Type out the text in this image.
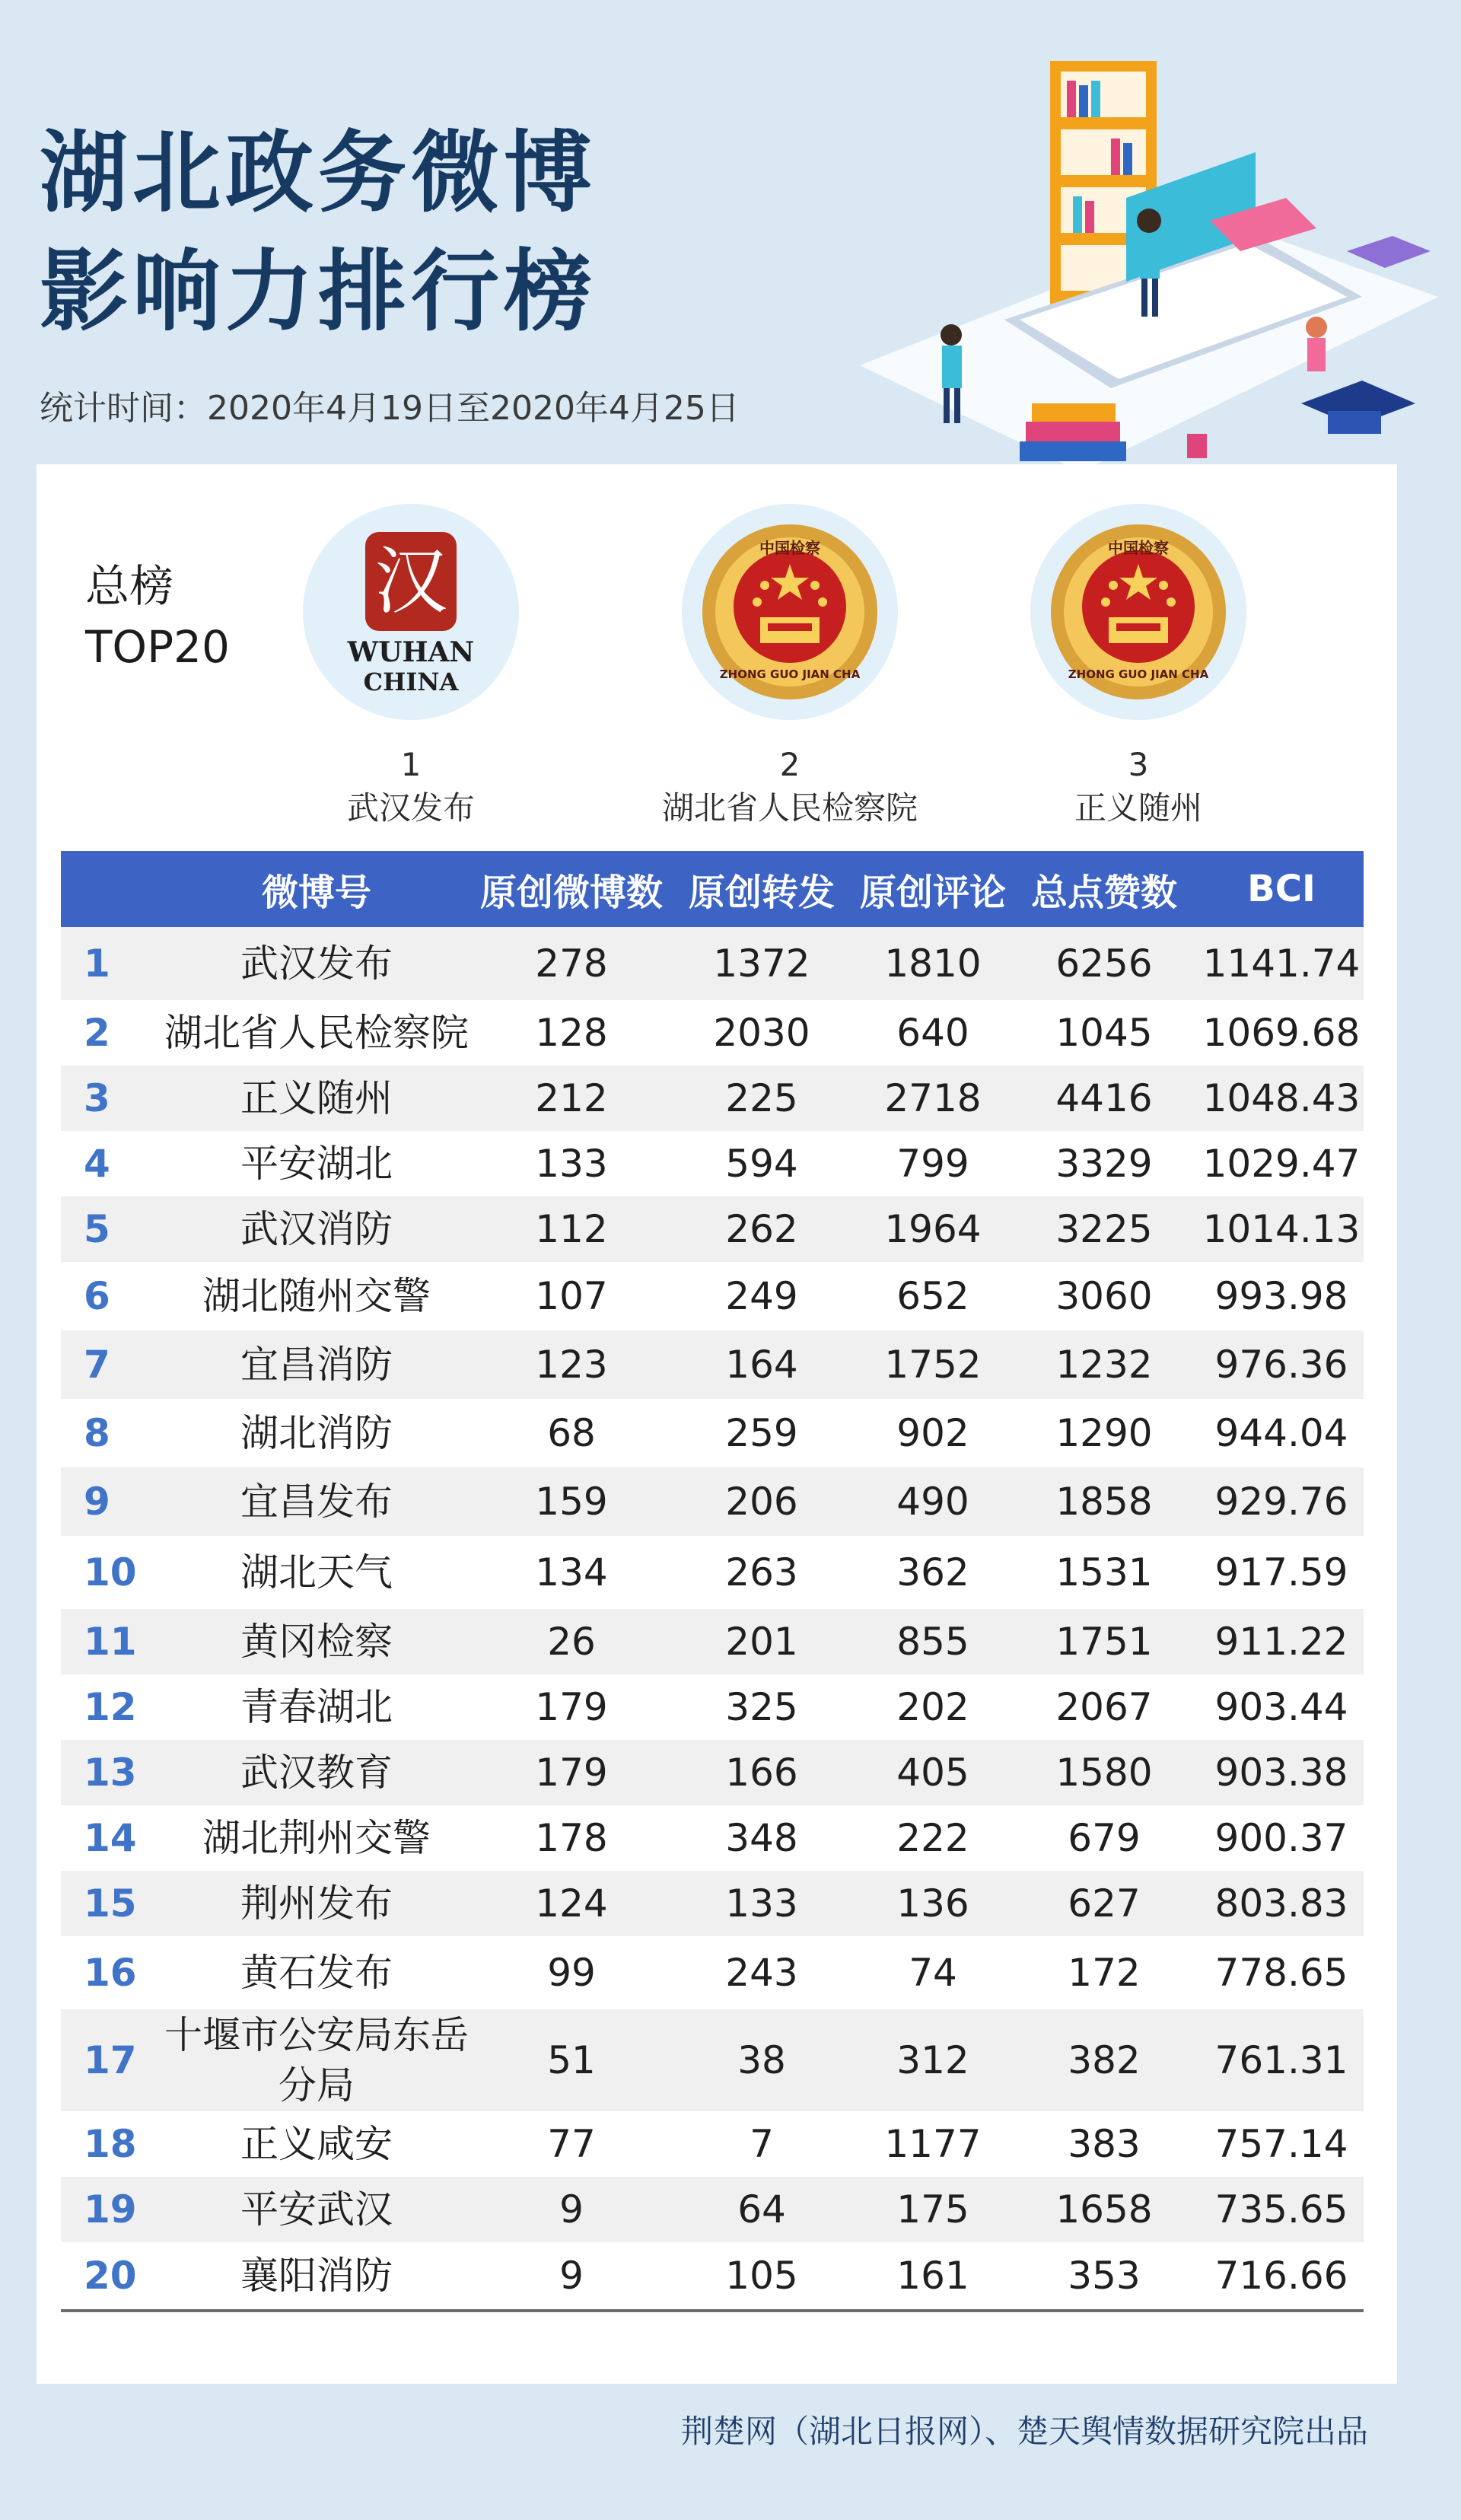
湖北政务微博
影响力排行榜
统计时间：2020年4月19日至2020年4月25日
总榜
TOP20
汉
WUHAN
CHINA
1
武汉发布
中国检察
ZHONG GUO JIAN CHA
2
湖北省人民检察院
中国检察
ZHONG GUO JIAN CHA
3
正义随州
	微博号	原创微博数	原创转发	原创评论	总点赞数	BCI
1	武汉发布	278	1372	1810	6256	1141.74
2	湖北省人民检察院	128	2030	640	1045	1069.68
3	正义随州	212	225	2718	4416	1048.43
4	平安湖北	133	594	799	3329	1029.47
5	武汉消防	112	262	1964	3225	1014.13
6	湖北随州交警	107	249	652	3060	993.98
7	宜昌消防	123	164	1752	1232	976.36
8	湖北消防	68	259	902	1290	944.04
9	宜昌发布	159	206	490	1858	929.76
10	湖北天气	134	263	362	1531	917.59
11	黄冈检察	26	201	855	1751	911.22
12	青春湖北	179	325	202	2067	903.44
13	武汉教育	179	166	405	1580	903.38
14	湖北荆州交警	178	348	222	679	900.37
15	荆州发布	124	133	136	627	803.83
16	黄石发布	99	243	74	172	778.65
17	十堰市公安局东岳分局	51	38	312	382	761.31
18	正义咸安	77	7	1177	383	757.14
19	平安武汉	9	64	175	1658	735.65
20	襄阳消防	9	105	161	353	716.66
荆楚网（湖北日报网）、楚天舆情数据研究院出品
